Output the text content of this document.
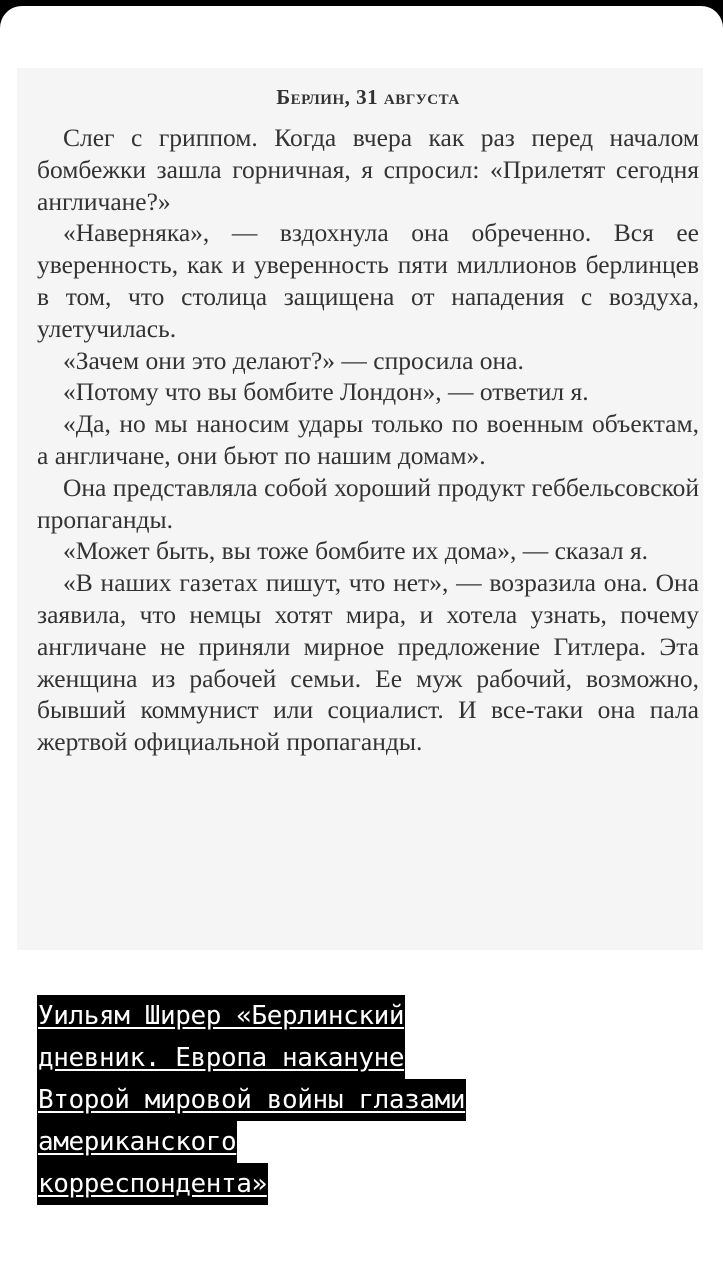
Берлин, 31 августа

Слег с гриппом. Когда вчера как раз перед началом бомбежки зашла горничная, я спросил: «Прилетят сегодня англичане?»

«Наверняка», — вздохнула она обреченно. Вся ее уверенность, как и уверенность пяти миллионов берлинцев в том, что столица защищена от нападения с воздуха, улетучилась.

«Зачем они это делают?» — спросила она.

«Потому что вы бомбите Лондон», — ответил я.

«Да, но мы наносим удары только по военным объектам, а англичане, они бьют по нашим домам».

Она представляла собой хороший продукт геббельсовской пропаганды.

«Может быть, вы тоже бомбите их дома», — сказал я.

«В наших газетах пишут, что нет», — возразила она. Она заявила, что немцы хотят мира, и хотела узнать, почему англичане не приняли мирное предложение Гитлера. Эта женщина из рабочей семьи. Ее муж рабочий, возможно, бывший коммунист или социалист. И все-таки она пала жертвой официальной пропаганды.

Уильям Ширер «Берлинский
дневник. Европа накануне
Второй мировой войны глазами
американского
корреспондента»
